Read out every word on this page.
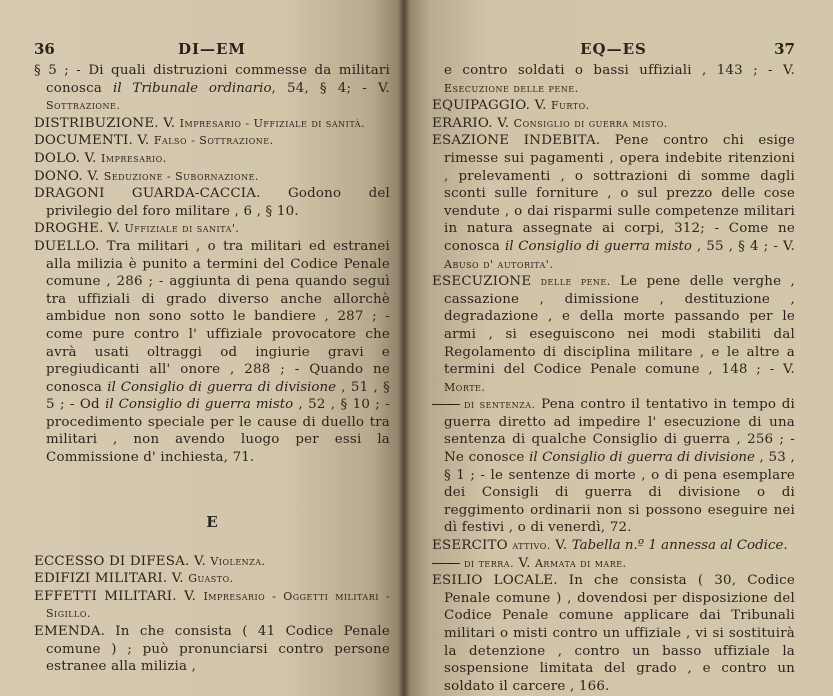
36	DI—EM

§ 5 ; - Di quali distruzioni commesse da militari conosca il Tribunale ordinario, 54, § 4; - V. Sottrazione.

DISTRIBUZIONE. V. Impresario - Uffiziale di sanità.

DOCUMENTI. V. Falso - Sottrazione.

DOLO. V. Impresario.

DONO. V. Seduzione - Subornazione.

DRAGONI GUARDA-CACCIA. Godono del privilegio del foro militare , 6 , § 10.

DROGHE. V. Uffiziale di sanita'.

DUELLO. Tra militari , o tra militari ed estranei alla milizia è punito a termini del Codice Penale comune , 286 ; - aggiunta di pena quando seguì tra uffiziali di grado diverso anche allorchè ambidue non sono sotto le bandiere , 287 ; - come pure contro l' uffiziale provocatore che avrà usati oltraggi od ingiurie gravi e pregiudicanti all' onore , 288 ; - Quando ne conosca il Consiglio di guerra di divisione , 51 , § 5 ; - Od il Consiglio di guerra misto , 52 , § 10 ; - procedimento speciale per le cause di duello tra militari , non avendo luogo per essi la Commissione d' inchiesta, 71.

E

ECCESSO DI DIFESA. V. Violenza.

EDIFIZI MILITARI. V. Guasto.

EFFETTI MILITARI. V. Impresario - Oggetti militari - Sigillo.

EMENDA. In che consista ( 41 Codice Penale comune ) ; può pronunciarsi contro persone estranee alla milizia ,

EQ—ES	37

e contro soldati o bassi uffiziali , 143 ; - V. Esecuzione delle pene.

EQUIPAGGIO. V. Furto.

ERARIO. V. Consiglio di guerra misto.

ESAZIONE INDEBITA. Pene contro chi esige rimesse sui pagamenti , opera indebite ritenzioni , prelevamenti , o sottrazioni di somme dagli sconti sulle forniture , o sul prezzo delle cose vendute , o dai risparmi sulle competenze militari in natura assegnate ai corpi, 312; - Come ne conosca il Consiglio di guerra misto , 55 , § 4 ; - V. Abuso d' autorita'.

ESECUZIONE delle pene. Le pene delle verghe , cassazione , dimissione , destituzione , degradazione , e della morte passando per le armi , si eseguiscono nei modi stabiliti dal Regolamento di disciplina militare , e le altre a termini del Codice Penale comune , 148 ; - V. Morte.

di sentenza. Pena contro il tentativo in tempo di guerra diretto ad impedire l' esecuzione di una sentenza di qualche Consiglio di guerra , 256 ; - Ne conosce il Consiglio di guerra di divisione , 53 , § 1 ; - le sentenze di morte , o di pena esemplare dei Consigli di guerra di divisione o di reggimento ordinarii non si possono eseguire nei dì festivi , o di venerdì, 72.

ESERCITO attivo. V. Tabella n.º 1 annessa al Codice.

di terra. V. Armata di mare.

ESILIO LOCALE. In che consista ( 30, Codice Penale comune ) , dovendosi per disposizione del Codice Penale comune applicare dai Tribunali militari o misti contro un uffiziale , vi si sostituirà la detenzione , contro un basso uffiziale la sospensione limitata del grado , e contro un soldato il carcere , 166.
